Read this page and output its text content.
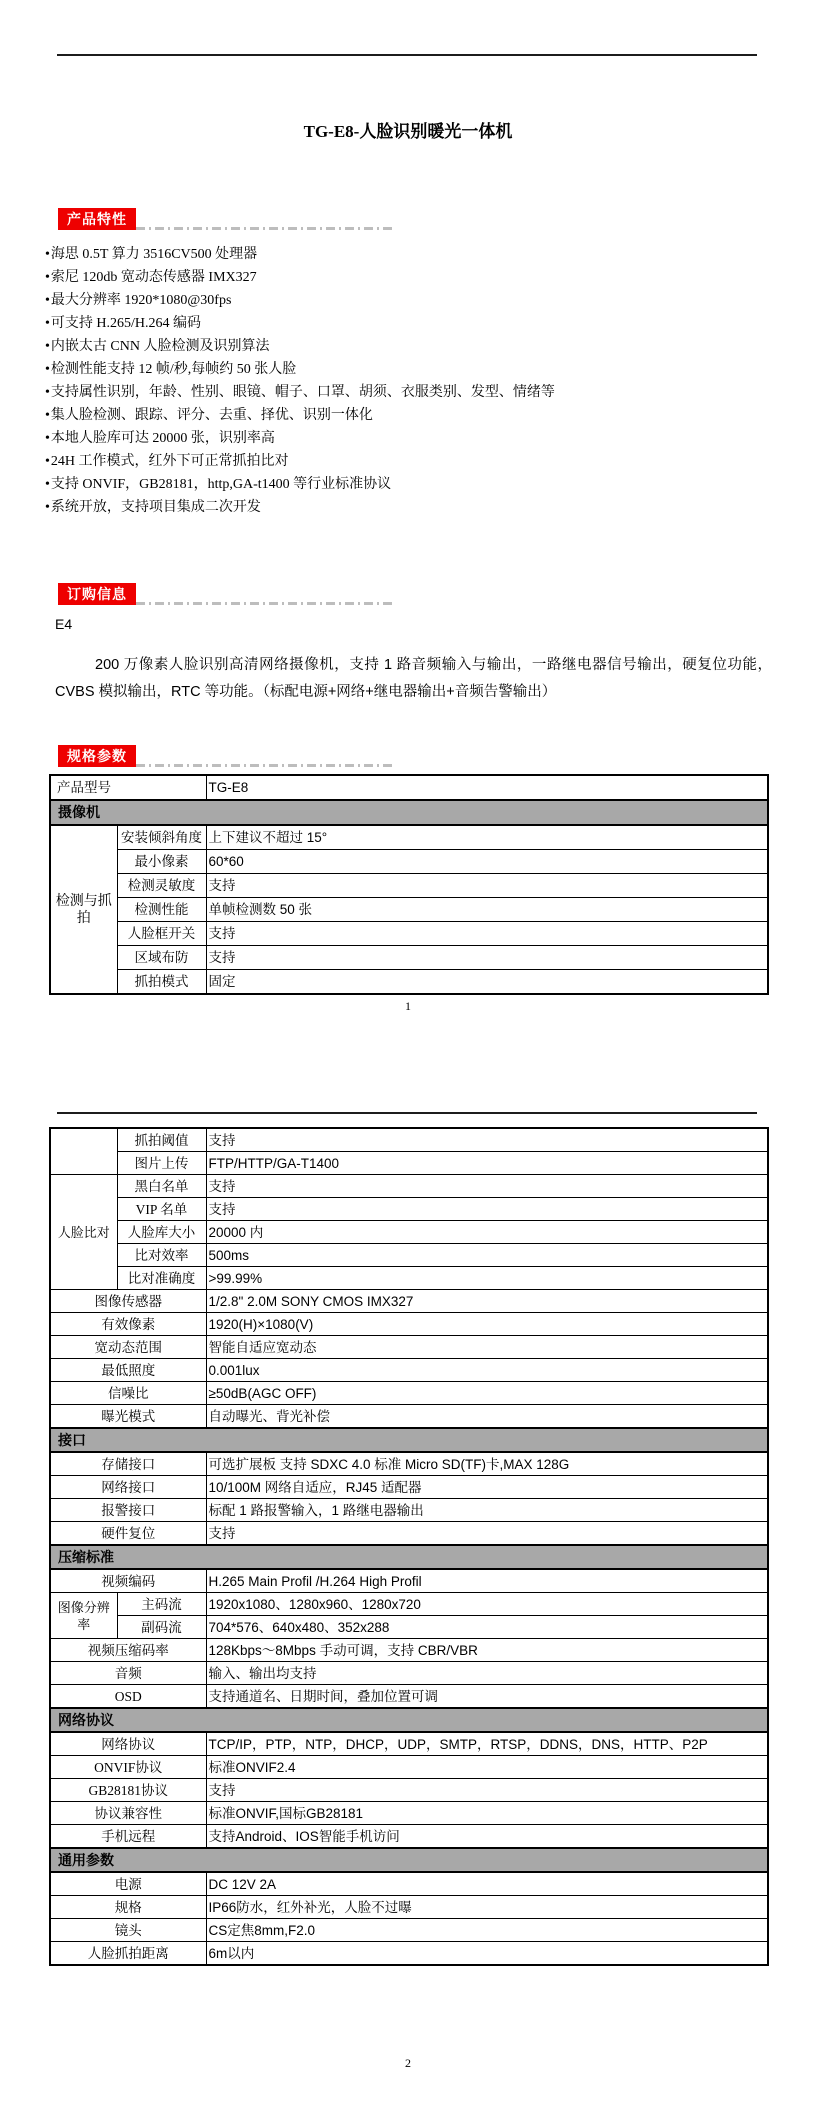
TG-E8-人脸识别暖光一体机
产品特性
• 海思 0.5T 算力 3516CV500 处理器
• 索尼 120db 宽动态传感器 IMX327
• 最大分辨率 1920*1080@30fps
• 可支持 H.265/H.264 编码
• 内嵌太古 CNN 人脸检测及识别算法
• 检测性能支持 12 帧/秒,每帧约 50 张人脸
• 支持属性识别，年龄、性别、眼镜、帽子、口罩、胡须、衣服类别、发型、情绪等
• 集人脸检测、跟踪、评分、去重、择优、识别一体化
• 本地人脸库可达 20000 张，识别率高
• 24H 工作模式，红外下可正常抓拍比对
• 支持 ONVIF，GB28181，http,GA-t1400 等行业标准协议
• 系统开放，支持项目集成二次开发
订购信息
E4

200 万像素人脸识别高清网络摄像机，支持 1 路音频输入与输出，一路继电器信号输出，硬复位功能，CVBS 模拟输出，RTC 等功能。（标配电源+网络+继电器输出+音频告警输出）

规格参数
产品型号		TG-E8
摄像机		
检测与抓拍	安装倾斜角度	上下建议不超过 15°
	最小像素	60*60
	检测灵敏度	支持
	检测性能	单帧检测数 50 张
	人脸框开关	支持
	区域布防	支持
	抓拍模式	固定
1
	抓拍阈值	支持
	图片上传	FTP/HTTP/GA-T1400
人脸比对	黑白名单	支持
	VIP 名单	支持
	人脸库大小	20000 内
	比对效率	500ms
	比对准确度	>99.99%
图像传感器		1/2.8" 2.0M SONY CMOS IMX327
有效像素		1920(H)×1080(V)
宽动态范围		智能自适应宽动态
最低照度		0.001lux
信噪比		≥50dB(AGC OFF)
曝光模式		自动曝光、背光补偿
接口		
存储接口		可选扩展板 支持 SDXC 4.0 标准 Micro SD(TF)卡,MAX 128G
网络接口		10/100M 网络自适应，RJ45 适配器
报警接口		标配 1 路报警输入，1 路继电器输出
硬件复位		支持
压缩标准		
视频编码		H.265 Main Profil /H.264 High Profil
图像分辨率	主码流	1920x1080、1280x960、1280x720
	副码流	704*576、640x480、352x288
视频压缩码率		128Kbps～8Mbps 手动可调，支持 CBR/VBR
音频		输入、输出均支持
OSD		支持通道名、日期时间，叠加位置可调
网络协议		
网络协议		TCP/IP，PTP，NTP，DHCP，UDP，SMTP，RTSP，DDNS，DNS，HTTP、P2P
ONVIF协议		标准ONVIF2.4
GB28181协议		支持
协议兼容性		标准ONVIF,国标GB28181
手机远程		支持Android、IOS智能手机访问
通用参数		
电源		DC 12V 2A
规格		IP66防水，红外补光，人脸不过曝
镜头		CS定焦8mm,F2.0
人脸抓拍距离		6m以内
2
